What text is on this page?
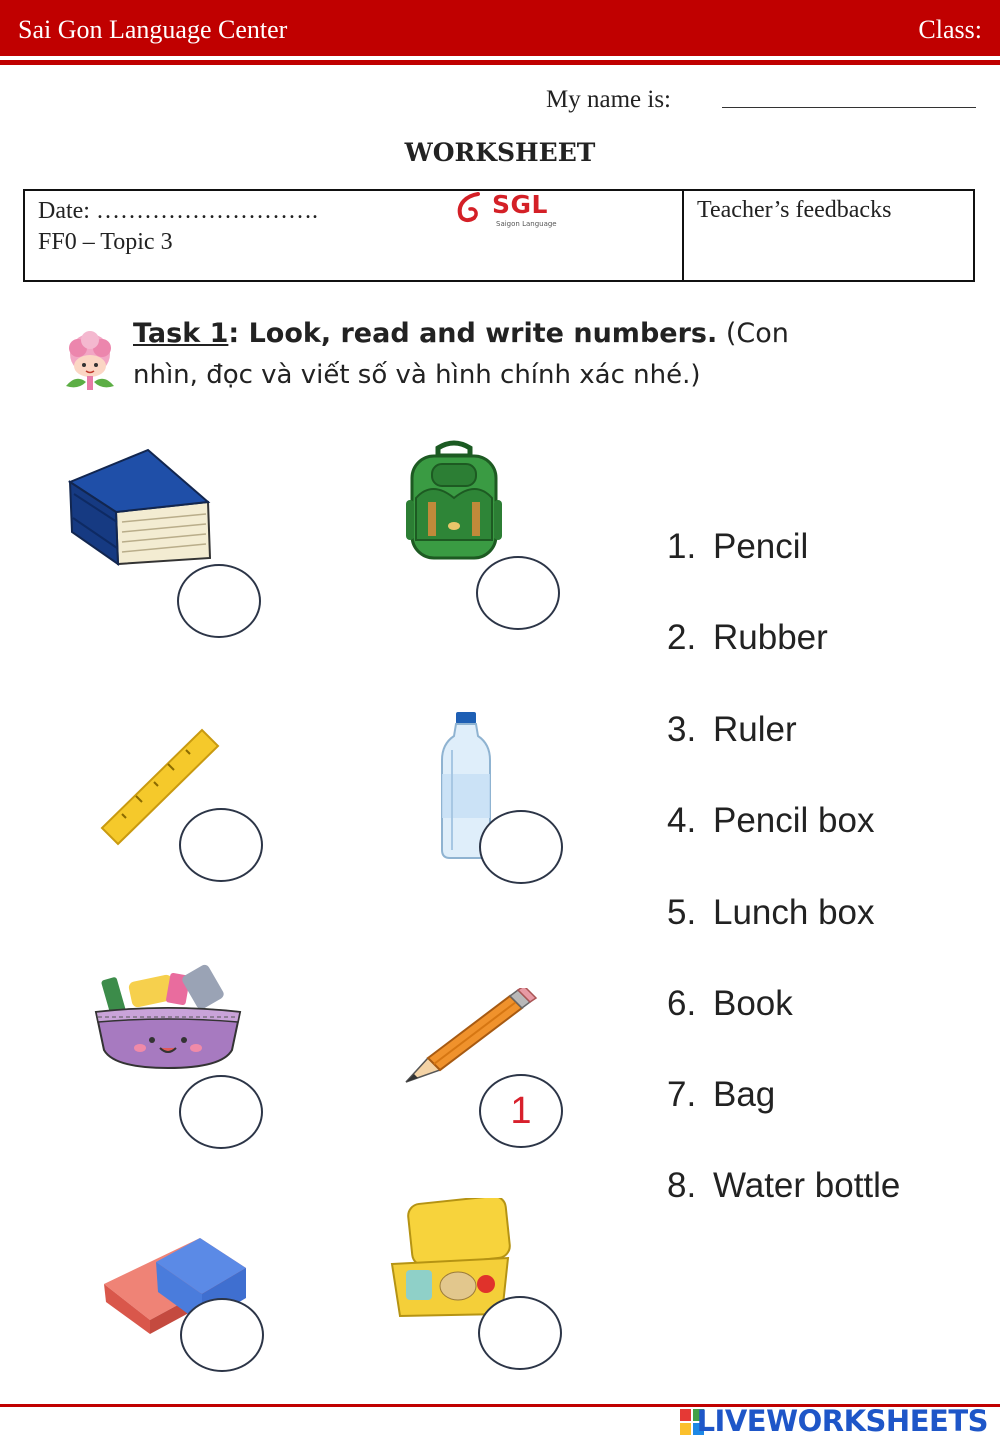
Sai Gon Language Center	Class:
My name is:
WORKSHEET
Date: ……………………….
FF0 – Topic 3
Teacher’s feedbacks
SGL
Saigon Language
Task 1: Look, read and write numbers. (Con
nhìn, đọc và viết số và hình chính xác nhé.)
1
1. Pencil
2. Rubber
3. Ruler
4. Pencil box
5. Lunch box
6. Book
7. Bag
8. Water bottle
LIVEWORKSHEETS
